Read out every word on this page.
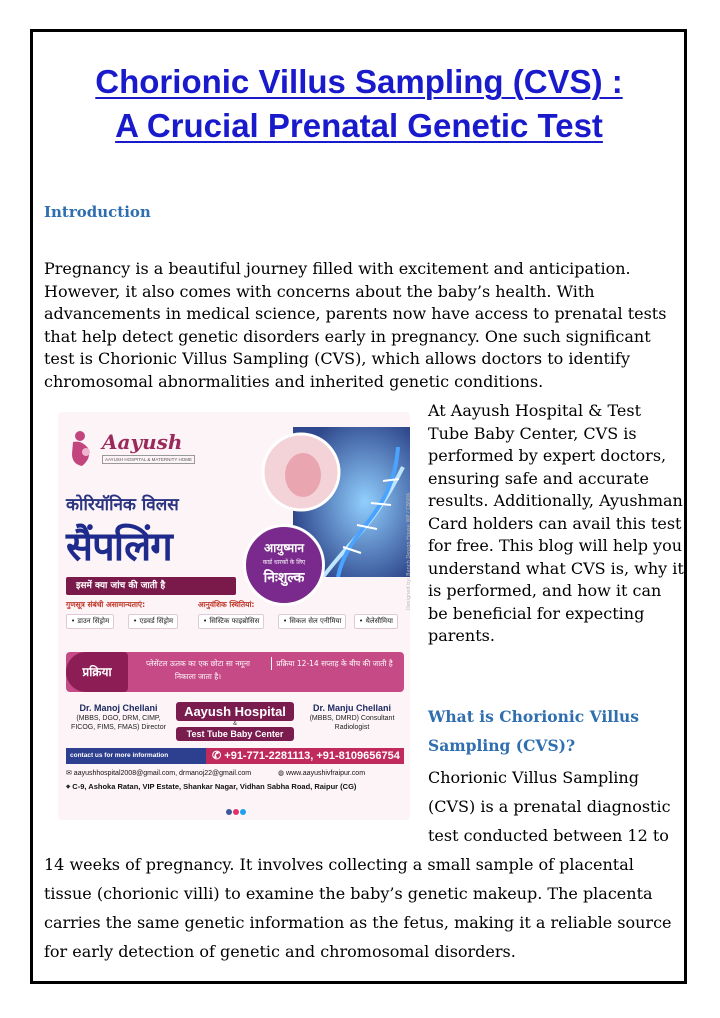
Chorionic Villus Sampling (CVS) :
A Crucial Prenatal Genetic Test
Introduction

Pregnancy is a beautiful journey filled with excitement and anticipation. However, it also comes with concerns about the baby’s health. With advancements in medical science, parents now have access to prenatal tests that help detect genetic disorders early in pregnancy. One such significant test is Chorionic Villus Sampling (CVS), which allows doctors to identify chromosomal abnormalities and inherited genetic conditions.

Aayush
AAYUSH HOSPITAL & MATERNITY HOME
कोरियॉनिक विलस
सैंपलिंग	आयुष्मान
कार्ड धारकों के लिए
निःशुल्क
इसमें क्या जांच की जाती है
गुणसूत्र संबंधी असामान्यताएं:
• डाउन सिंड्रोम	• एडवर्ड सिंड्रोम
आनुवंशिक स्थितियां:
• सिस्टिक फाइब्रोसिस	• सिकल सेल एनीमिया	• थैलेसीमिया
प्रक्रिया
प्लेसेंटल ऊतक का एक छोटा सा नमूना निकाला जाता है।
प्रक्रिया 12-14 सप्ताह के बीच की जाती है
Dr. Manoj Chellani
(MBBS, DGO, DRM, CIMP, FICOG, FIMS, FMAS) Director
Aayush Hospital
&
Test Tube Baby Center
Dr. Manju Chellani
(MBBS, DMRD) Consultant Radiologist
contact us for more information	✆ +91-771-2281113, +91-8109656754
✉ aayushhospital2008@gmail.com, drmanoj22@gmail.com	◍ www.aayushivfraipur.com
⌖ C-9, Ashoka Ratan, VIP Estate, Shankar Nagar, Vidhan Sabha Road, Raipur (CG)
Designed by: Bench Design House WP / CBN06

At Aayush Hospital & Test Tube Baby Center, CVS is performed by expert doctors, ensuring safe and accurate results. Additionally, Ayushman Card holders can avail this test for free. This blog will help you understand what CVS is, why it is performed, and how it can be beneficial for expecting parents.

What is Chorionic Villus Sampling (CVS)?

Chorionic Villus Sampling (CVS) is a prenatal diagnostic test conducted between 12 to

14 weeks of pregnancy. It involves collecting a small sample of placental tissue (chorionic villi) to examine the baby’s genetic makeup. The placenta carries the same genetic information as the fetus, making it a reliable source for early detection of genetic and chromosomal disorders.
